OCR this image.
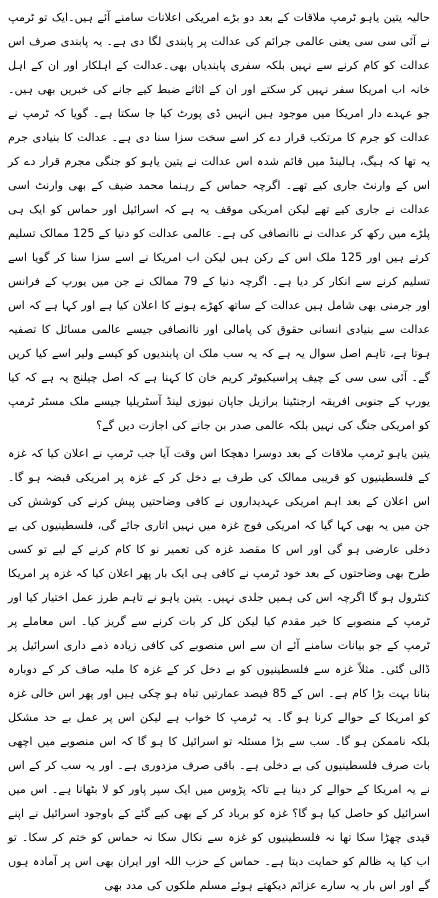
حالیہ یتین یاہو ٹرمپ ملاقات کے بعد دو بڑے امریکی اعلانات سامنے آئے ہیں۔ایک تو ٹرمپ نے آئی سی سی یعنی عالمی جرائم کی عدالت پر پابندی لگا دی ہے۔ یہ پابندی صرف اس عدالت کو کام کرنے سے نہیں بلکہ سفری پابندیاں بھی۔عدالت کے اہلکار اور ان کے اہل خانہ اب امریکا سفر نہیں کر سکتے اور ان کے اثاثے ضبط کیے جانے کی خبریں بھی ہیں۔ جو عہدے دار امریکا میں موجود ہیں انہیں ڈی پورٹ کیا جا سکتا ہے۔ گویا کہ ٹرمپ نے عدالت کو جرم کا مرتکب قرار دے کر اسے سخت سزا سنا دی ہے۔ عدالت کا بنیادی جرم یہ تھا کہ ہیگ، ہالینڈ میں قائم شدہ اس عدالت نے یتین یاہو کو جنگی مجرم قرار دے کر اس کے وارنٹ جاری کیے تھے۔ اگرچہ حماس کے رہنما محمد ضیف کے بھی وارنٹ اسی عدالت نے جاری کیے تھے لیکن امریکی موقف یہ ہے کہ اسرائیل اور حماس کو ایک ہی پلڑے میں رکھ کر عدالت نے ناانصافی کی ہے۔ عالمی عدالت کو دنیا کے 125 ممالک تسلیم کرتے ہیں اور 125 ملک اس کے رکن ہیں لیکن اب امریکا نے اسے سزا سنا کر گویا اسے تسلیم کرنے سے انکار کر دیا ہے۔ اگرچہ دنیا کے 79 ممالک نے جن میں یورپ کے فرانس اور جرمنی بھی شامل ہیں عدالت کے ساتھ کھڑے ہونے کا اعلان کیا ہے اور کہا ہے کہ اس عدالت سے بنیادی انسانی حقوق کی پامالی اور ناانصافی جیسے عالمی مسائل کا تصفیہ ہوتا ہے، تاہم اصل سوال یہ ہے کہ یہ سب ملک ان پابندیوں کو کیسے ولیر اسے کیا کریں گے۔ آئی سی سی کے چیف پراسیکیوٹر کریم خان کا کہنا ہے کہ اصل چیلنج یہ ہے کہ کیا یورپ کے جنوبی افریقہ ارجنٹینا برازیل جاپان نیوزی لینڈ آسٹریلیا جیسے ملک مسٹر ٹرمپ کو امریکی جنگ کی نہیں بلکہ عالمی صدر بن جانے کی اجازت دیں گے؟

یتین یاہو ٹرمپ ملاقات کے بعد دوسرا دھچکا اس وقت آیا جب ٹرمپ نے اعلان کیا کہ غزہ کے فلسطینیوں کو قریبی ممالک کی طرف بے دخل کر کے غزہ پر امریکی قبضہ ہو گا۔ اس اعلان کے بعد اہم امریکی عہدیداروں نے کافی وضاحتیں پیش کرنے کی کوشش کی جن میں یہ بھی کہا گیا کہ امریکی فوج غزہ میں نہیں اتاری جائے گی، فلسطینیوں کی بے دخلی عارضی ہو گی اور اس کا مقصد غزہ کی تعمیر نو کا کام کرنے کے لیے تو کسی طرح بھی وضاحتوں کے بعد خود ٹرمپ نے کافی ہی ایک بار پھر اعلان کیا کہ غزہ پر امریکا کنٹرول ہو گا اگرچہ اس کی ہمیں جلدی نہیں۔ یتین یاہو نے تاہم طرز عمل اختیار کیا اور ٹرمپ کے منصوبے کا خیر مقدم کیا لیکن کل کر بات کرنے سے گریز کیا۔ اس معاملے پر ٹرمپ کے جو بیانات سامنے آئے ان سے اس منصوبے کی کافی زیادہ ذمے داری اسرائیل پر ڈالی گئی۔ مثلاً غزہ سے فلسطینیوں کو بے دخل کر کے غزہ کا ملبہ صاف کر کے دوبارہ بنانا بہت بڑا کام ہے۔ اس کے 85 فیصد عمارتیں تباہ ہو چکی ہیں اور پھر اس خالی غزہ کو امریکا کے حوالے کرنا ہو گا۔ یہ ٹرمپ کا خواب ہے لیکن اس پر عمل بے حد مشکل بلکہ ناممکن ہو گا۔ سب سے بڑا مسئلہ تو اسرائیل کا ہو گا کہ اس منصوبے میں اچھی بات صرف فلسطینیوں کی بے دخلی ہے۔ باقی صرف مزدوری ہے۔ اور یہ سب کر کے اس نے یہ امریکا کے حوالے کر دینا ہے تاکہ پڑوس میں ایک سپر پاور کو لا بٹھانا ہے۔ اس میں اسرائیل کو حاصل کیا ہو گا؟ غزہ کو برباد کر کے بھی کیے گئے کے باوجود اسرائیل نے اپنے قیدی چھڑا سکا تھا نہ فلسطینیوں کو غزہ سے نکال سکا نہ حماس کو ختم کر سکا۔ تو اب کیا یہ ظالم کو حمایت دیتا ہے۔ حماس کے حزب اللہ اور ایران بھی اس پر آمادہ ہوں گے اور اس بار یہ سارے عزائم دیکھتے ہوئے مسلم ملکوں کی مدد بھی
